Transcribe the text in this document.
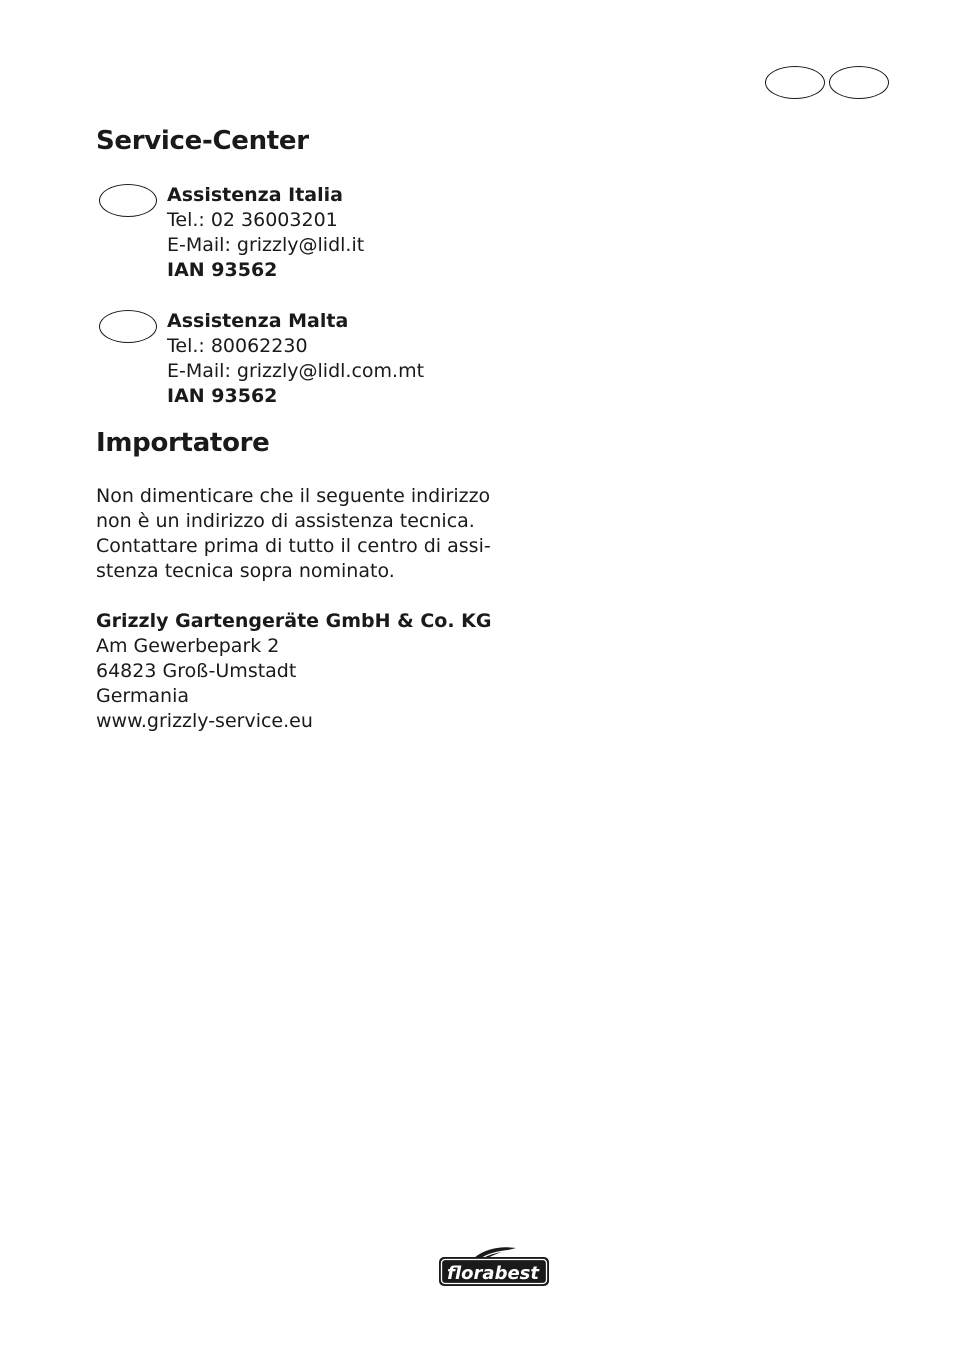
Service-Center
Assistenza Italia
Tel.: 02 36003201
E-Mail: grizzly@lidl.it
IAN 93562
Assistenza Malta
Tel.: 80062230
E-Mail: grizzly@lidl.com.mt
IAN 93562
Importatore
Non dimenticare che il seguente indirizzo
non è un indirizzo di assistenza tecnica.
Contattare prima di tutto il centro di assi-
stenza tecnica sopra nominato.
Grizzly Gartengeräte GmbH & Co. KG
Am Gewerbepark 2
64823 Groß-Umstadt
Germania
www.grizzly-service.eu
florabest
